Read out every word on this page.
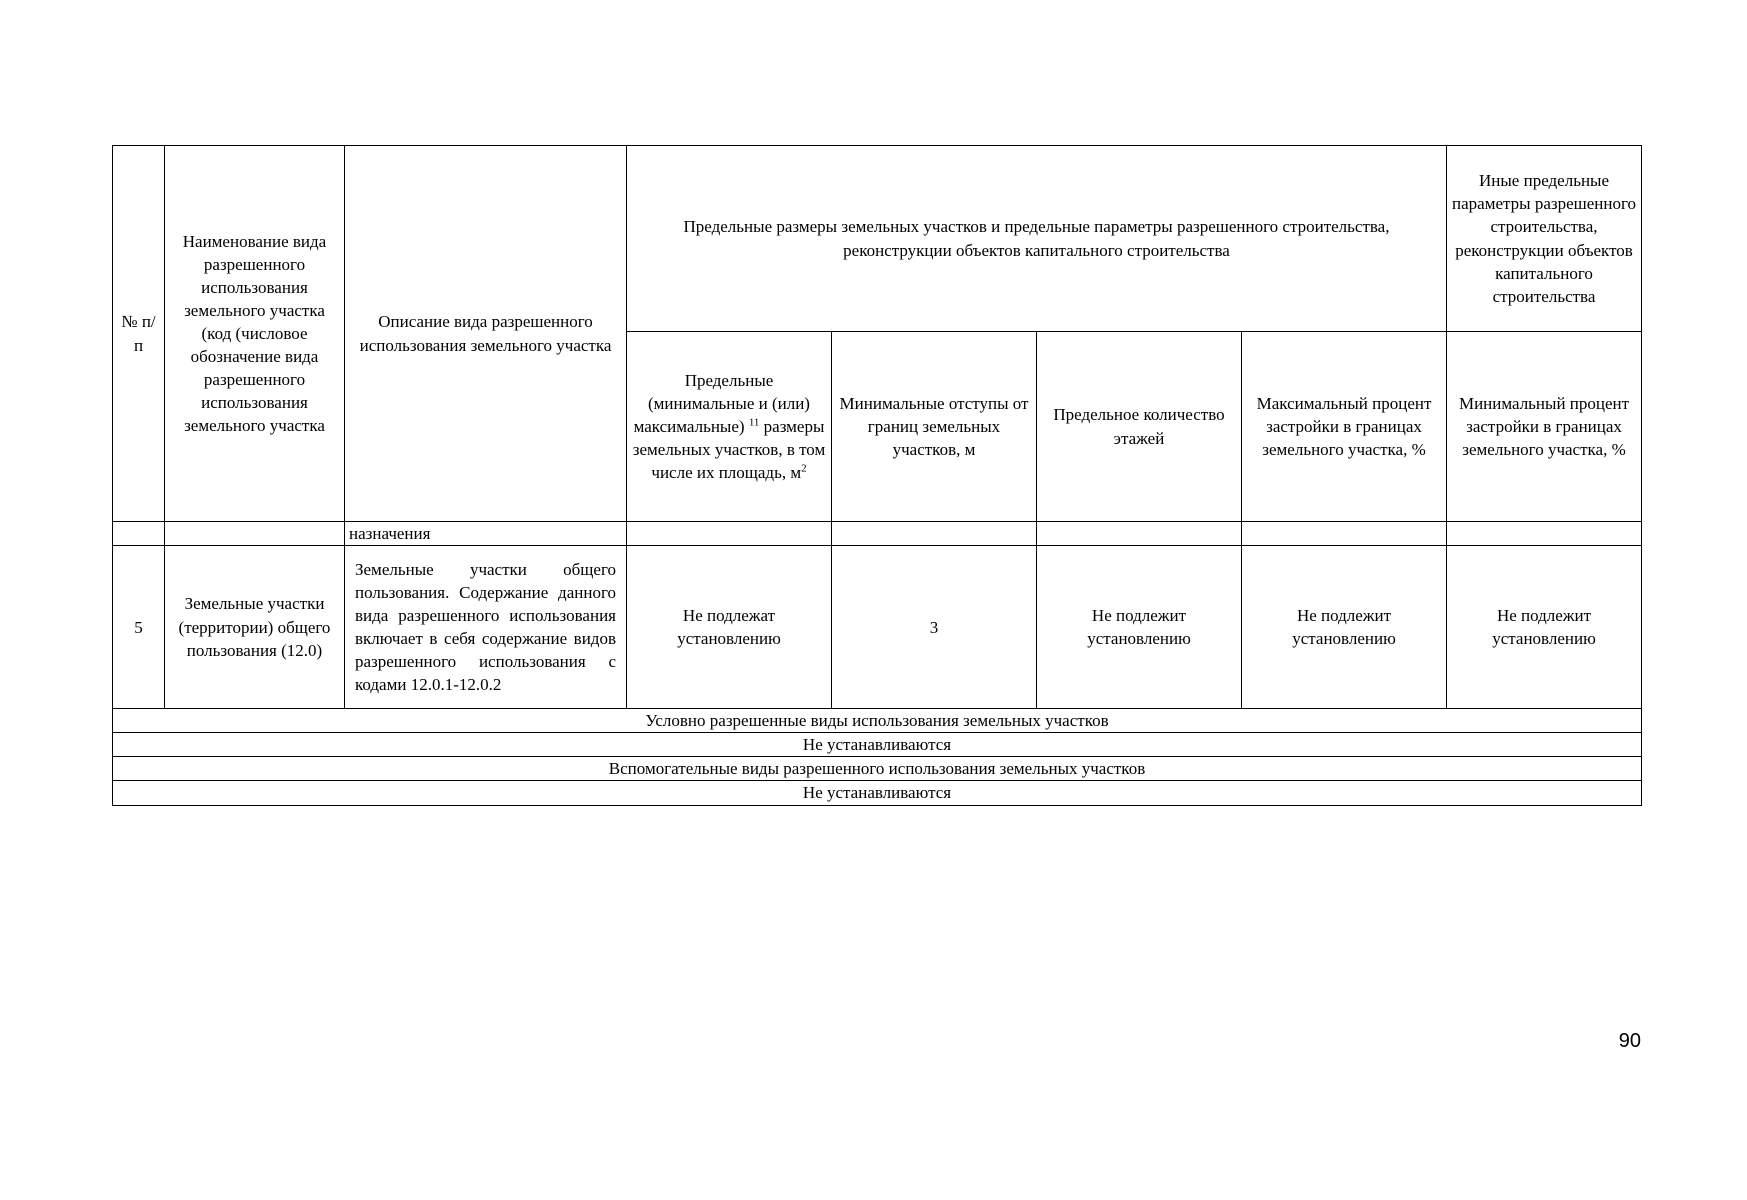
№ п/п	Наименование вида разрешенного использования земельного участка (код (числовое обозначение вида разрешенного использования земельного участка	Описание вида разрешенного использования земельного участка	Предельные размеры земельных участков и предельные параметры разрешенного строительства, реконструкции объектов капитального строительства				Иные предельные параметры разрешенного строительства, реконструкции объектов капитального строительства
			Предельные (минимальные и (или) максимальные) $^{11}$ размеры земельных участков, в том числе их площадь, $м^2$	Минимальные отступы от границ земельных участков, м	Предельное количество этажей	Максимальный процент застройки в границах земельного участка, %	Минимальный процент застройки в границах земельного участка, %
		назначения					
5	Земельные участки (территории) общего пользования (12.0)	Земельные участки общего пользования. Содержание данного вида разрешенного использования включает в себя содержание видов разрешенного использования с кодами 12.0.1-12.0.2	Не подлежат установлению	3	Не подлежит установлению	Не подлежит установлению	Не подлежит установлению
Условно разрешенные виды использования земельных участков							
Не устанавливаются							
Вспомогательные виды разрешенного использования земельных участков							
Не устанавливаются							
90
